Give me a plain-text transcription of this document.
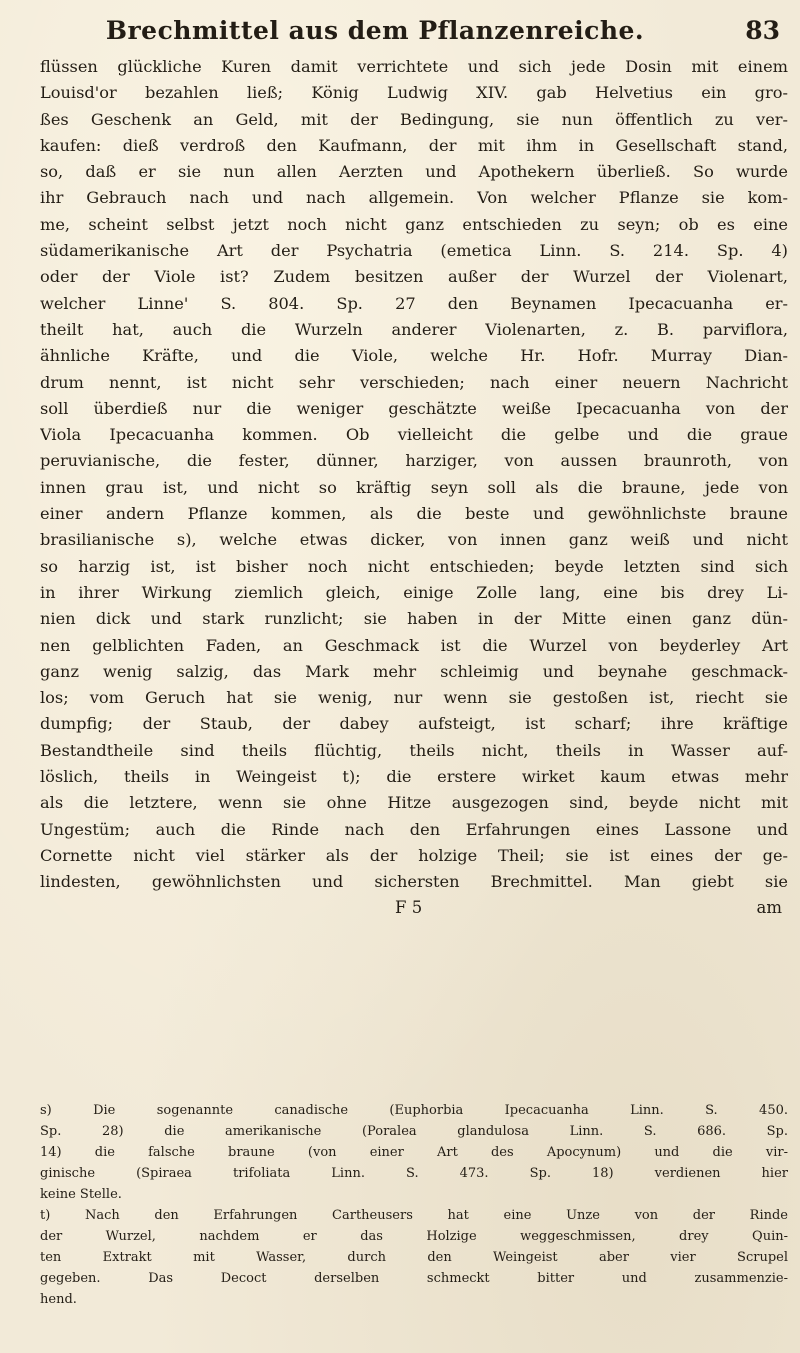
Brechmittel aus dem Pflanzenreiche.	83
flüssen glückliche Kuren damit verrichtete und sich jede Dosin mit einem
Louisd'or bezahlen ließ; König Ludwig XIV. gab Helvetius ein gro-
ßes Geschenk an Geld, mit der Bedingung, sie nun öffentlich zu ver-
kaufen: dieß verdroß den Kaufmann, der mit ihm in Gesellschaft stand,
so, daß er sie nun allen Aerzten und Apothekern überließ. So wurde
ihr Gebrauch nach und nach allgemein. Von welcher Pflanze sie kom-
me, scheint selbst jetzt noch nicht ganz entschieden zu seyn; ob es eine
südamerikanische Art der Psychatria (emetica Linn. S. 214. Sp. 4)
oder der Viole ist? Zudem besitzen außer der Wurzel der Violenart,
welcher Linne' S. 804. Sp. 27 den Beynamen Ipecacuanha er-
theilt hat, auch die Wurzeln anderer Violenarten, z. B. parviflora,
ähnliche Kräfte, und die Viole, welche Hr. Hofr. Murray Dian-
drum nennt, ist nicht sehr verschieden; nach einer neuern Nachricht
soll überdieß nur die weniger geschätzte weiße Ipecacuanha von der
Viola Ipecacuanha kommen. Ob vielleicht die gelbe und die graue
peruvianische, die fester, dünner, harziger, von aussen braunroth, von
innen grau ist, und nicht so kräftig seyn soll als die braune, jede von
einer andern Pflanze kommen, als die beste und gewöhnlichste braune
brasilianische s), welche etwas dicker, von innen ganz weiß und nicht
so harzig ist, ist bisher noch nicht entschieden; beyde letzten sind sich
in ihrer Wirkung ziemlich gleich, einige Zolle lang, eine bis drey Li-
nien dick und stark runzlicht; sie haben in der Mitte einen ganz dün-
nen gelblichten Faden, an Geschmack ist die Wurzel von beyderley Art
ganz wenig salzig, das Mark mehr schleimig und beynahe geschmack-
los; vom Geruch hat sie wenig, nur wenn sie gestoßen ist, riecht sie
dumpfig; der Staub, der dabey aufsteigt, ist scharf; ihre kräftige
Bestandtheile sind theils flüchtig, theils nicht, theils in Wasser auf-
löslich, theils in Weingeist t); die erstere wirket kaum etwas mehr
als die letztere, wenn sie ohne Hitze ausgezogen sind, beyde nicht mit
Ungestüm; auch die Rinde nach den Erfahrungen eines Lassone und
Cornette nicht viel stärker als der holzige Theil; sie ist eines der ge-
lindesten, gewöhnlichsten und sichersten Brechmittel. Man giebt sie
F 5	am
s) Die sogenannte canadische (Euphorbia Ipecacuanha Linn. S. 450.
Sp. 28) die amerikanische (Poralea glandulosa Linn. S. 686. Sp.
14) die falsche braune (von einer Art des Apocynum) und die vir-
ginische (Spiraea trifoliata Linn. S. 473. Sp. 18) verdienen hier
keine Stelle.
t) Nach den Erfahrungen Cartheusers hat eine Unze von der Rinde
der Wurzel, nachdem er das Holzige weggeschmissen, drey Quin-
ten Extrakt mit Wasser, durch den Weingeist aber vier Scrupel
gegeben. Das Decoct derselben schmeckt bitter und zusammenzie-
hend.
